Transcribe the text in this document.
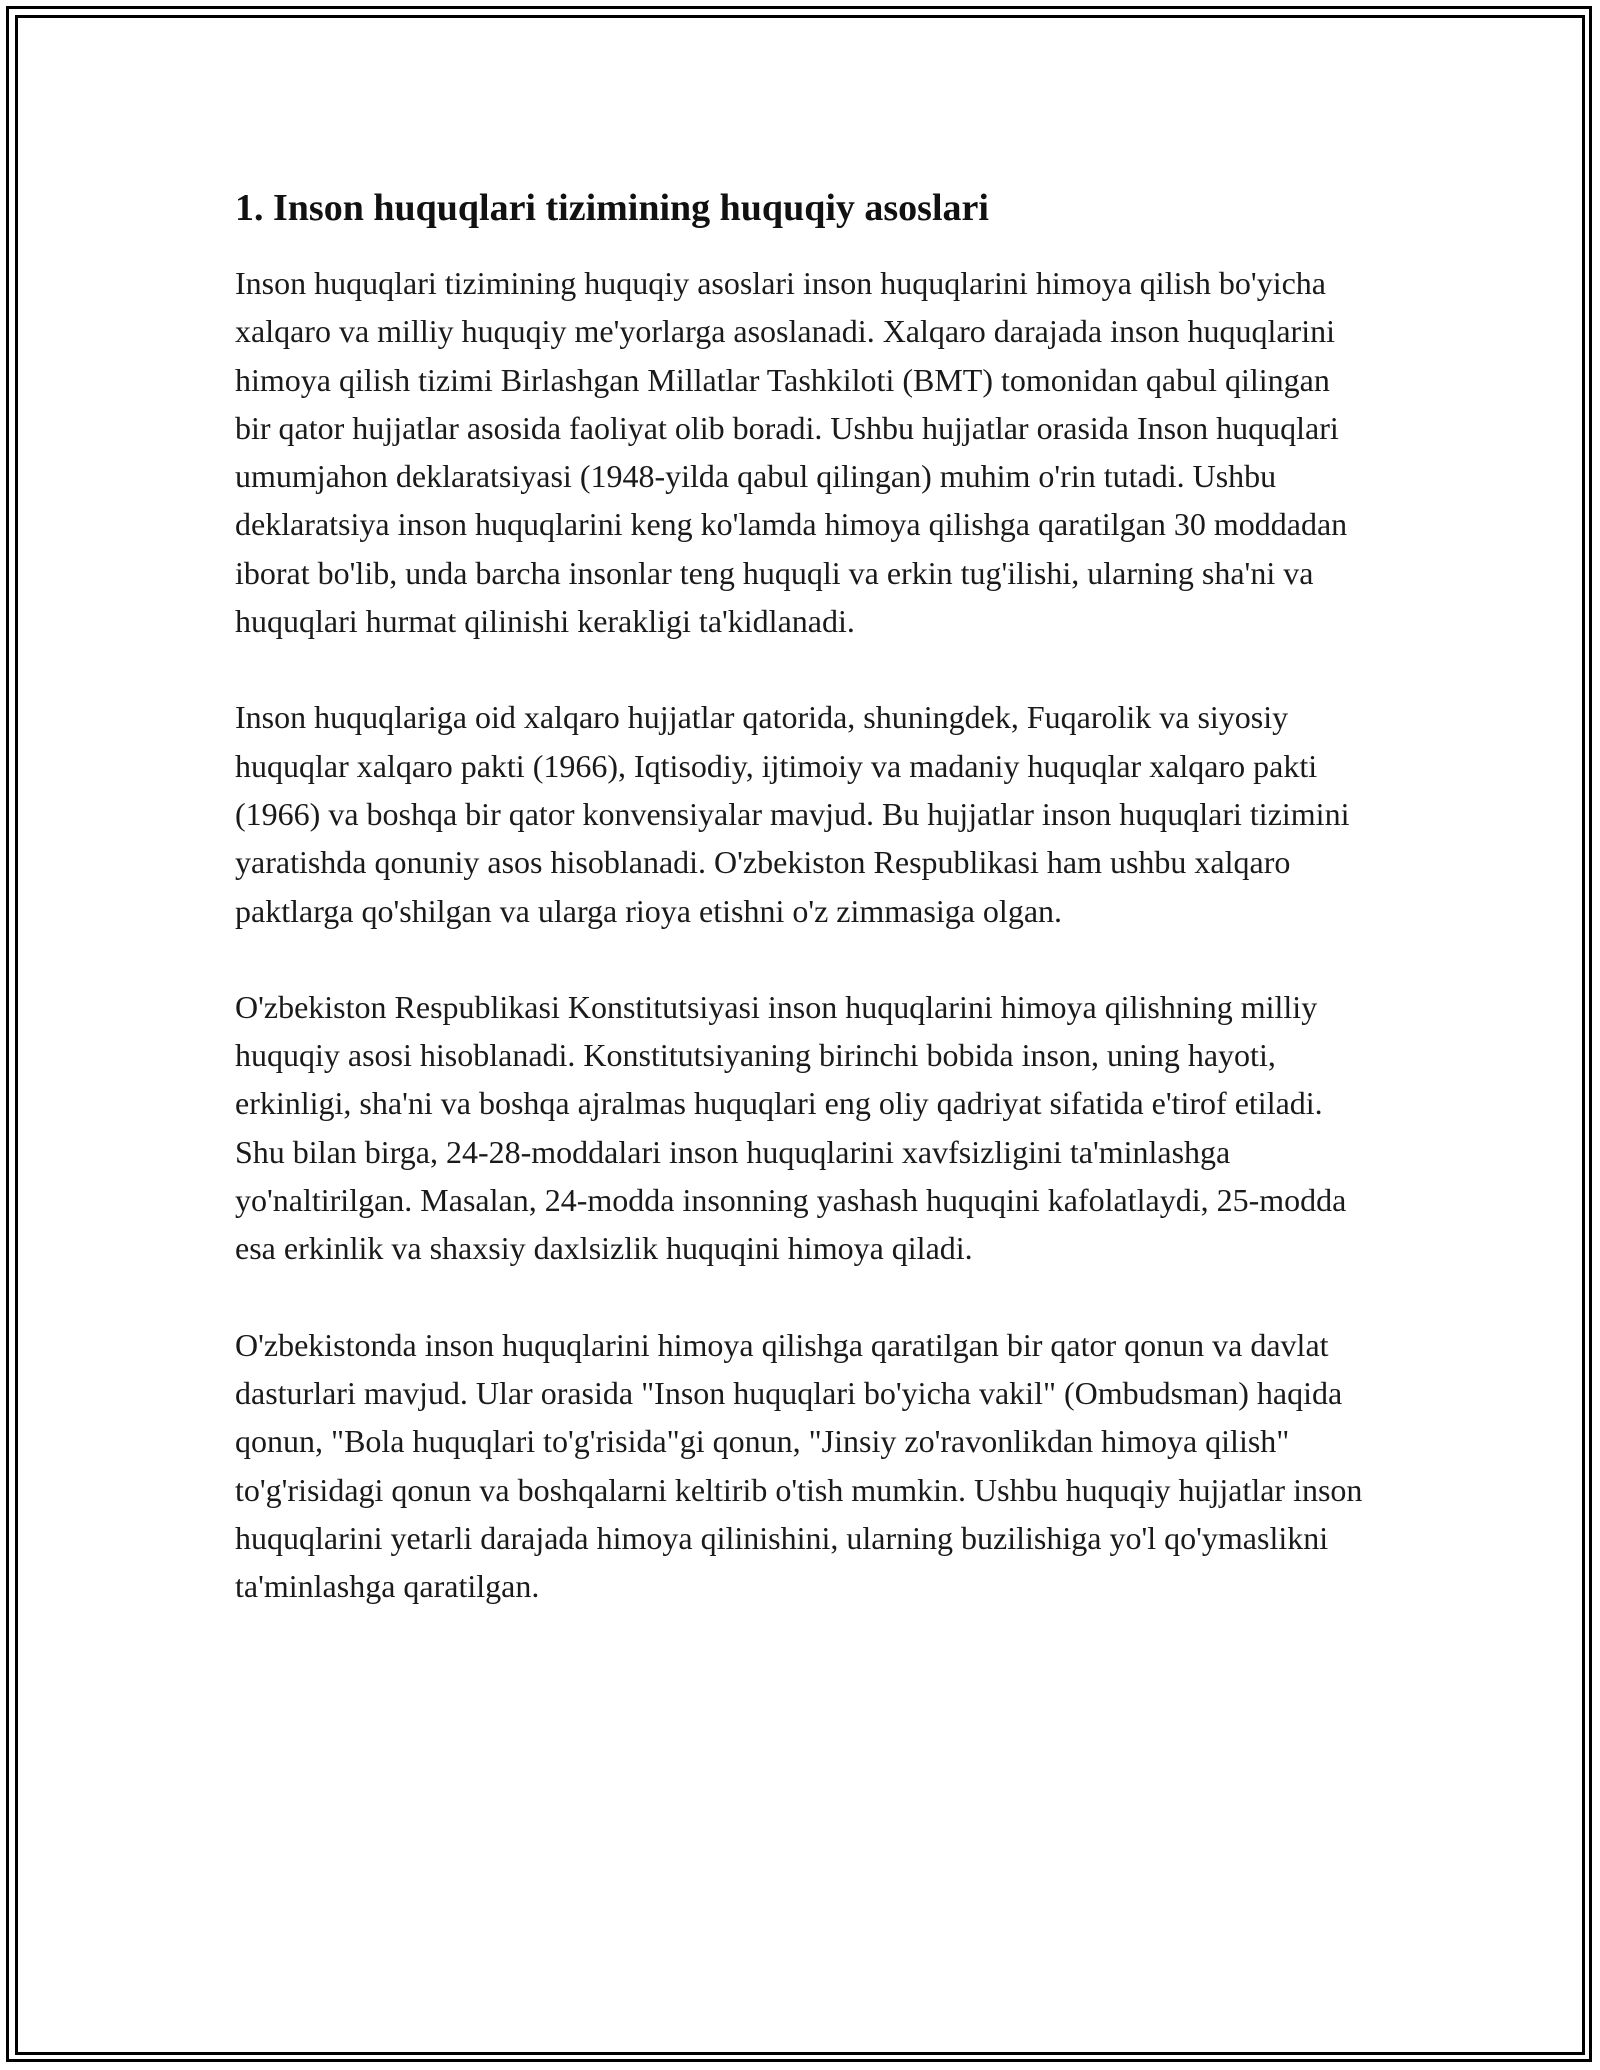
1. Inson huquqlari tizimining huquqiy asoslari

Inson huquqlari tizimining huquqiy asoslari inson huquqlarini himoya qilish bo'yicha xalqaro va milliy huquqiy me'yorlarga asoslanadi. Xalqaro darajada inson huquqlarini himoya qilish tizimi Birlashgan Millatlar Tashkiloti (BMT) tomonidan qabul qilingan bir qator hujjatlar asosida faoliyat olib boradi. Ushbu hujjatlar orasida Inson huquqlari umumjahon deklaratsiyasi (1948-yilda qabul qilingan) muhim o'rin tutadi. Ushbu deklaratsiya inson huquqlarini keng ko'lamda himoya qilishga qaratilgan 30 moddadan iborat bo'lib, unda barcha insonlar teng huquqli va erkin tug'ilishi, ularning sha'ni va huquqlari hurmat qilinishi kerakligi ta'kidlanadi.

Inson huquqlariga oid xalqaro hujjatlar qatorida, shuningdek, Fuqarolik va siyosiy huquqlar xalqaro pakti (1966), Iqtisodiy, ijtimoiy va madaniy huquqlar xalqaro pakti (1966) va boshqa bir qator konvensiyalar mavjud. Bu hujjatlar inson huquqlari tizimini yaratishda qonuniy asos hisoblanadi. O'zbekiston Respublikasi ham ushbu xalqaro paktlarga qo'shilgan va ularga rioya etishni o'z zimmasiga olgan.

O'zbekiston Respublikasi Konstitutsiyasi inson huquqlarini himoya qilishning milliy huquqiy asosi hisoblanadi. Konstitutsiyaning birinchi bobida inson, uning hayoti, erkinligi, sha'ni va boshqa ajralmas huquqlari eng oliy qadriyat sifatida e'tirof etiladi. Shu bilan birga, 24-28-moddalari inson huquqlarini xavfsizligini ta'minlashga yo'naltirilgan. Masalan, 24-modda insonning yashash huquqini kafolatlaydi, 25-modda esa erkinlik va shaxsiy daxlsizlik huquqini himoya qiladi.

O'zbekistonda inson huquqlarini himoya qilishga qaratilgan bir qator qonun va davlat dasturlari mavjud. Ular orasida "Inson huquqlari bo'yicha vakil" (Ombudsman) haqida qonun, "Bola huquqlari to'g'risida"gi qonun, "Jinsiy zo'ravonlikdan himoya qilish" to'g'risidagi qonun va boshqalarni keltirib o'tish mumkin. Ushbu huquqiy hujjatlar inson huquqlarini yetarli darajada himoya qilinishini, ularning buzilishiga yo'l qo'ymaslikni ta'minlashga qaratilgan.
